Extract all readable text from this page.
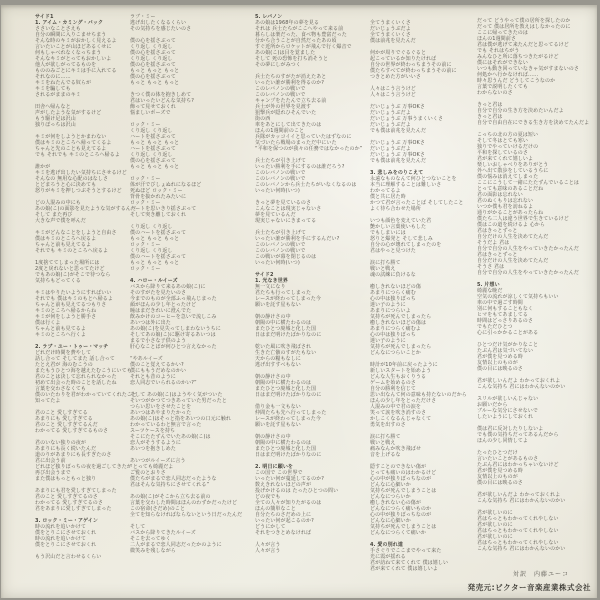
サイド1
1. アイム・カミング・バック
ささいなことさえも
自分の瞬間に入りこませちまう
そんな時のキミがおかしく見えるよ
言いたいことが山ほどあるくせに
何もしゃべれなくなっちまう
そんなキミがとってもおかしいよ
他人が欲しがってるものを
もののみごとにキミは手に入れてる
それなのに……
キミをねたんでる奴らが
キミを騙しても
されるがままのキミ

田舎へ帰んなと
声がしたような気がするけど
もう駆け足は沢山
独りぼっちは沢山

キミが何をしようとかまわない
僕はキミのところへ帰ってくるよ
ちゃんと先のことも見えてるよ
でも それでも キミのところへ帰るよ

誰かが
キミを逃げ出したい気持ちにさせるけど
そんなの 無用な心配のはなしさ
とどまろうと心に決めても
怒りがキミを押しつぶそうとするけど

どの人混みの中にも
あの娘(こ)の面影を見たような気がするんだ
そして また再び
大きな声で僕を呼んだ

キミがどんなことをしようと自由さ
僕はキミのところへ戻るよ
ちゃんと前も見えてるよ
それでも キミのところへ戻るよ

1度捨ててしまった場所には
2度と戻れないと思ってたけど
でもあの娘(こ)がそこで待つなら
気持ちもどってくる

キミはやりたいようにすればいい
それでも 僕はキミのもとへ帰るよ
ちゃんと前も見えてるつもりさ
キミのところへ帰るからね
キミが何をしようと勝手さ
僕は行くよ
ちゃんと前も見てるよ
キミのところへ行くよ

2. ラブ・ユー・トゥー・マッチ
どれだけ時間を費やして
話し合って そしてまた 話し合って
たとえ君が 海のむこうの
またもうひとつ海を越えたむこうにいても
君のことは決して忘れられなかった
初めて出会った時のことを話したね
言葉を交わさなくても
僕のいたわりを君がわかっていてくれたこと
知ってたよ

君のこと 愛しすぎてる
あまりにも 愛しすぎてる
君のこと 愛しすぎてるんだ
わかってる 愛しすぎてるものさ

君のいない独りの夜が
あまりにも長く続いたんだ
道のりがあまりにも長すぎたのさ
君に出会う前
どれほど独りぼっちの夜を過ごしてきたか
再び出会うまで
また僕はもっともっと独り

あまりにも君を愛しすぎてしまった
君のこと 愛しすぎてるのさ
わかってる 愛しすぎてるのさ
君をあまりに愛しすぎてしまった

3. ロック・ミー・アゲイン
時の流れを追いかけて
僕をとりこにさせておくれ
時の流れを追いかけて
僕をとりこにさせておくれ

もう沢山だと言わせるくらい
ラブ・ミー
逃げ出したくなるくらい
その気持ちを感じたいのさ

僕の心を揺さぶって
くり返し くり返し
僕の心を揺さぶって
くり返し くり返し
僕の心を揺さぶって
もっと もっと もっと
僕の心を揺さぶって
もっと もっと もっと

きつく僕の体を抱きしめて
君はいったいどんな気持ち?
飾って見せておくれ
悩ましいポーズで

ロック・ミー
くり返し くり返し
ハートを揺さぶって
もっと もっと もっと
ハートを揺さぶって
くり返し くり返し
僕の心を揺さぶって
もっと もっと もっと

ロック・ミー
体が汗でびしょぬれになるほど
死ぬほど ロック・ミー
背骨を抜かれたみたいに
ロック・ミー
ハートを思いきり揺さぶって
そして突き離しておくれ

くり返し くり返し
僕のハートを揺さぶって
もっと もっと もっと
ロック・ミー
くり返し くり返し
僕のハートを揺さぶって
もっと もっと もっと
ロック・ミー

4. ハロー・ルイーズ
バスから降りて来るあの娘(こ)に
そのすがたを見たいのさ
今までのものが全部ふっ飛んじまった
顔がほんの少し年とったけど
瞳はまだきれいに澄んでた
飲みかけのコーヒーを急いで流しこみ
あいつは外に出た
あの娘(こ)を見失ってしまわないうちに
そしてあの娘(こ)に駆け寄るあいつは
まるで小さな子供のよう
肝心なことばが何ひとつ言えなかった

“やあルイーズ
僕のこと覚えてるかい?
僕にももうだめなのかい
それとも昔のように
恋人同志でいられるのかい?”

そして あの娘(こ)はようやく気がついた
そいつがかつてつきあっていた男だったと
つらい思いをさせたことを
あいつはあやまりたかった
あの娘(こ)はそっと指をあいつの口元に触れ
わかっているわと無言で言った
スーツケースを持ち
そこにたたずんでいたあの娘(こ)は
恋人がそうするように
あいつを抱きしめた

あいつがルイーズに言う
“とっても綺麗だよ
ご覧のとおりさ
僕たちがまるで恋人同志だったような
君はそんな気持ちにさせてくれる”

あの娘(こ)がそこから立ち去る前の
言葉を交わした時間はほんのわずかだったけど
この宿命(さだめ)のこと
全てを知らなければならないという日だったんだ

そして
バスから降りてきたルイーズ
そこを去ってゆく
二人がまるで恋人同志だったかのように
微笑みを残しながら
5. レバノン
あの娘は1968年の夢を見る
それは 兵士たちがここへやって来る前
暮らしは楽だった、食べ物も豊富だった
分かち合うことが自然だったあの頃
すぐ近所からロケットが飛んで行く爆音で
あの娘(こ)は目を覚ました
そして 死の恐怖を打ち消そうと
その夢にしがみつく

兵士たちのすがたが消えたあと
いったい誰が勝利を得るのか?
このレバノンの戦いで
このレバノンの戦いで
キャンプをたたんで立ち去る前
兵士が外の世界を見渡す
狙撃兵が隠れひそんでいた
街の西
車をあとにして出てきたのは
ほんの1週間前のこと
兵隊がカッコイイと思っていたはずなのに
気づいたら戦場のまっただ中にいた
“平和を保つのが我々の任務ではなかったのか”

兵士たちが引き上げて
いったい勝利を手にするのは誰だろう?
このレバノンの戦いで
このレバノンの戦いで
このレバノンから兵士たちがいなくなるのは
いったい何時(いつ)

きっと夢を見ているのさ
こんなことは現実じゃないさ
夢を見ているんだ
現実じゃないにきまってる

兵士たちが引き上げて
いったい誰が勝利を手にするんだい?
このレバノンの戦いで
このレバノンの戦いで
この戦いが幕を閉じるのは
いったい何時(いつ)

サイド2
1. 光なき世界
無一文になり
君たちも行ってしまった
レースが終わってしまった今
願いを託す星もない

朝の静けさの中
朝陽の中に横たわるのは
またひとつ廃墟と化した国
日はまだ明けたばかりなのに

乾いた風に吹き飛ばされ
生きた亡骸のすがたもない
天からの糧もなしに
逃げ出すすべもない

朝の静けさの中
朝陽の中に横たわるのは
またひとつ廃墟と化した国
日はまだ明けたばかりなのに

借り金も一文もない
仲間たちも先へ行ってしまった
レースが終わってしまった今
願いを託す星もない

朝の静けさの中
朝陽の中に横たわるのは
またひとつ廃墟と化した国
日はまだ明けたばかりなのに

2. 明日に願いを
この国で この世界で
いったい何が蔓延してるのか?
数えきれないほどの声が
投げかけるのは たったひとつの問い
どの夜でも
全ての人々が知りたがるのは
ほんの簡単なこと
自分たちのさだめの上に
いったい何が起こるのか?
どうにかして
それをつきとめなければ

人々が言う
人々が言う
全てうまくいくさ
だいじょうぶだよ
全てうまくいくさ
僕は前兆を見たんだ

何かが周りでぐるぐると
起こっているか知りたければ
自分の世界が終わっちまうその前に
僕たちすべてが終わっちまうその前に
つきとめた方がいいさ

人々はこう言うけど
人々はこう言うけど

だいじょうぶ 万事OKさ
だいじょうぶだよ
だいじょうぶ 万事うまくいくさ
だいじょうぶだよ
でも僕は前兆を見たんだ

だいじょうぶ 万事OKさ
だいじょうぶだよ
だいじょうぶ 万事OKさ
でも僕は前兆を見たんだ

3. 悲しみをのりこえて
永遠なものなんて何ひとつないことを
本当に理解することは難しいさ
わかってるよ
僕と共に居た時
かつて君が言ったことば そしてしたこと
よく待ち合わせた場所

いつも顔色を変えていた君
艶かしい言葉使いもした
でもしまいには
怒りと爆発と そして悲しみ
自分の心が壊れてしまったのを
君はやっと見つけた

涙に打ち勝て
戦いと戦え
魂の試練に負けるな

癒しきれないほどの傷
あまりにつらく痛む
心の中は独りぼっち
迷い子のように
あまりにつらいよ
気持ちが死んでしまったら
癒しきれないほどの傷は
あまりにつらく痛むよ
心の中は独りぼっち
迷い子のように
気持ちが死んでしまったら
どんなにつらいことか

時計が10年前に戻ったように
新しいスタートを始めよう
どんな人生もおくりうる
ゲームを始めるのさ
自分の勝利を信じて
思い出なんて何の意味も持たないのだから
ほんの少し年をとっただけさ
人混みの中で君の涙を
笑って涙を吹き消すのさ
かしこくなるんじゃなくて
勇気を出すのさ

涙に打ち勝て
戦いと戦え
痛みなんか吹き飛ばせ
音を上げるな

隠すことのできない傷が
とっても痛いのはわかるけど
心の中が独りぼっちなのが
どんなに心細いか
気持ちが死んでしまうことは
どんなにつらいか
癒しきれない心の傷が
どんなにつらく痛いものか
心の中が独りぼっちなのが
どんなに心細いか
気持ちが死んでしまうことは
どんなにつらくて痛いか

4. 愛の別れ道
手さぐりでここまでやって来た
光に霞が揺れる
君が訪ねて来てくれて 僕は嬉しい
君が来てくれて 僕は嬉しいよ
だって どうやって僕の居所を探したのか
だって 僕は居所を教えはしなかったのに
ここに帰ってきたのは
ほんの1週間前さ
君は僕が逃げて来たんだと思ってるけど
でも それはちがう
みんなひと所に落ちつきたがるけど
僕にはそれができない
いつも動き回っていなきゃ気がすまないのさ
何処かへ行かなければ……
時々思うんだ どうしてこうなのか
言葉で説明したくても
わからないのさ

きっと君は
自分で自分の生き方を決めたいんだよ
きっと君は
自分で自由自在にできる生き方を決めてたんだよ

こっちの北の方の夏は短い
そして冬はとても寒い
独りでやっていけるだけの
平和を探しているのさ
君が来てくれて嬉しいよ
楽しいおしゃべりをありがとう
外へ出て散歩をしているうちに
僕の悩みは消えてしまった
ここにこうして一緒にたたずんでいることは
とっても意味のあることだね
君の面影は忘れない
君のぬくもりは忘れない
いつか僕も君を訪ねるよ
通りがかることがあったらね
僕たち二人は違う世界で生きているけど
僕はこの道を続けるよ 心から
君はきっとずっと
自分だけの人生を決めてたんだ
そうだよ 君は
自分で自分の人生をやっていきたかったんだ
君はきっとずっと
自分だけの人生を決めてたんだ
そうさ 君は
自分で自分の人生をやっていきたかったんだ

5. 片想い
綺麗な晩だ
空気の流れが涼しくて気持ちもいい
車の中で過ごす時間
別に何もすることもなく
ヒマをもてあましてる
時間はどっさりあるのさ
でもただひとつ
心に引っかかることがある

ひとつだけ気がかりなこと
たぶん君は気づいてない
君が僕を見つめる時
友情以上のものが
僕の目には映るのさ

君が欲しいんだよ わかっておくれよ
こんな気持ち 君にはわかんないのかい

スリルが欲しいんじゃない
お願いだから
ブルーな気分にさせないで
したいようにしておくれ

僕は君に反対したりしないよ
でも僕の気持ちだってあるんだから
ほんの少し同情してよ

たったひとつだけ
言いたいことがあるものさ
たぶん君にはわかっちゃいないけど
君が僕を見つめる時
友情以上のものが
僕の目には映るのさ

君が欲しいんだよ わかっておくれよ
こんな気持ち 君にはわかんないのかい

君が欲しいのに
君はちっともわかってくれやしない
君が欲しいのに
君はちっともわかってくれやしない
君が欲しいのに
君はちっともわかってくれやしない
こんな気持ち 君にはわかんないのかい
対訳　内藤ユーコ
発売元:ビクター音楽産業株式会社
